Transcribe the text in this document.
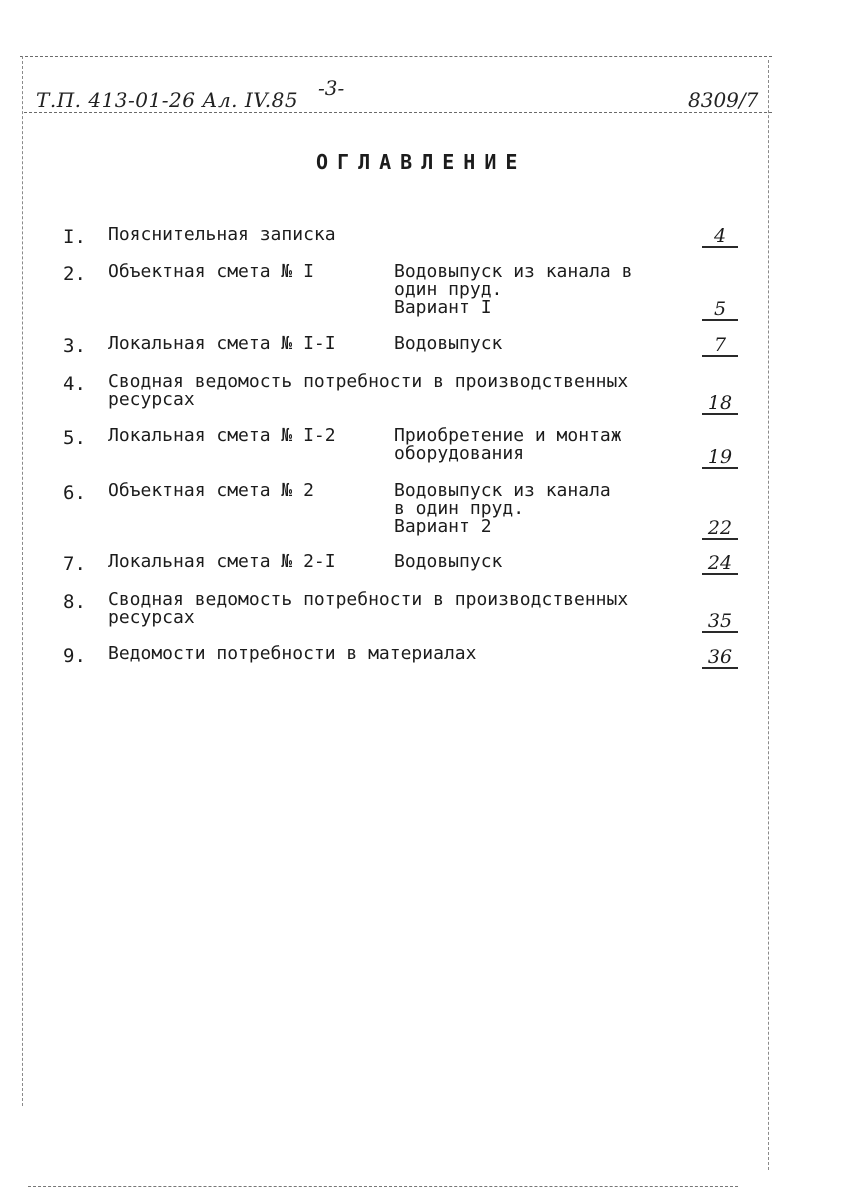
Т.П. 413-01-26 Ал. IV.85 -3-	8309/7
ОГЛАВЛЕНИЕ
I. Пояснительная записка	4
2. Объектная смета № I	Водовыпуск из канала в
один пруд.
Вариант I	5
3. Локальная смета № I-I	Водовыпуск	7
4. Сводная ведомость потребности в производственных
ресурсах	18
5. Локальная смета № I-2	Приобретение и монтаж
оборудования	19
6. Объектная смета № 2	Водовыпуск из канала
в один пруд.
Вариант 2	22
7. Локальная смета № 2-I	Водовыпуск	24
8. Сводная ведомость потребности в производственных
ресурсах	35
9. Ведомости потребности в материалах	36
